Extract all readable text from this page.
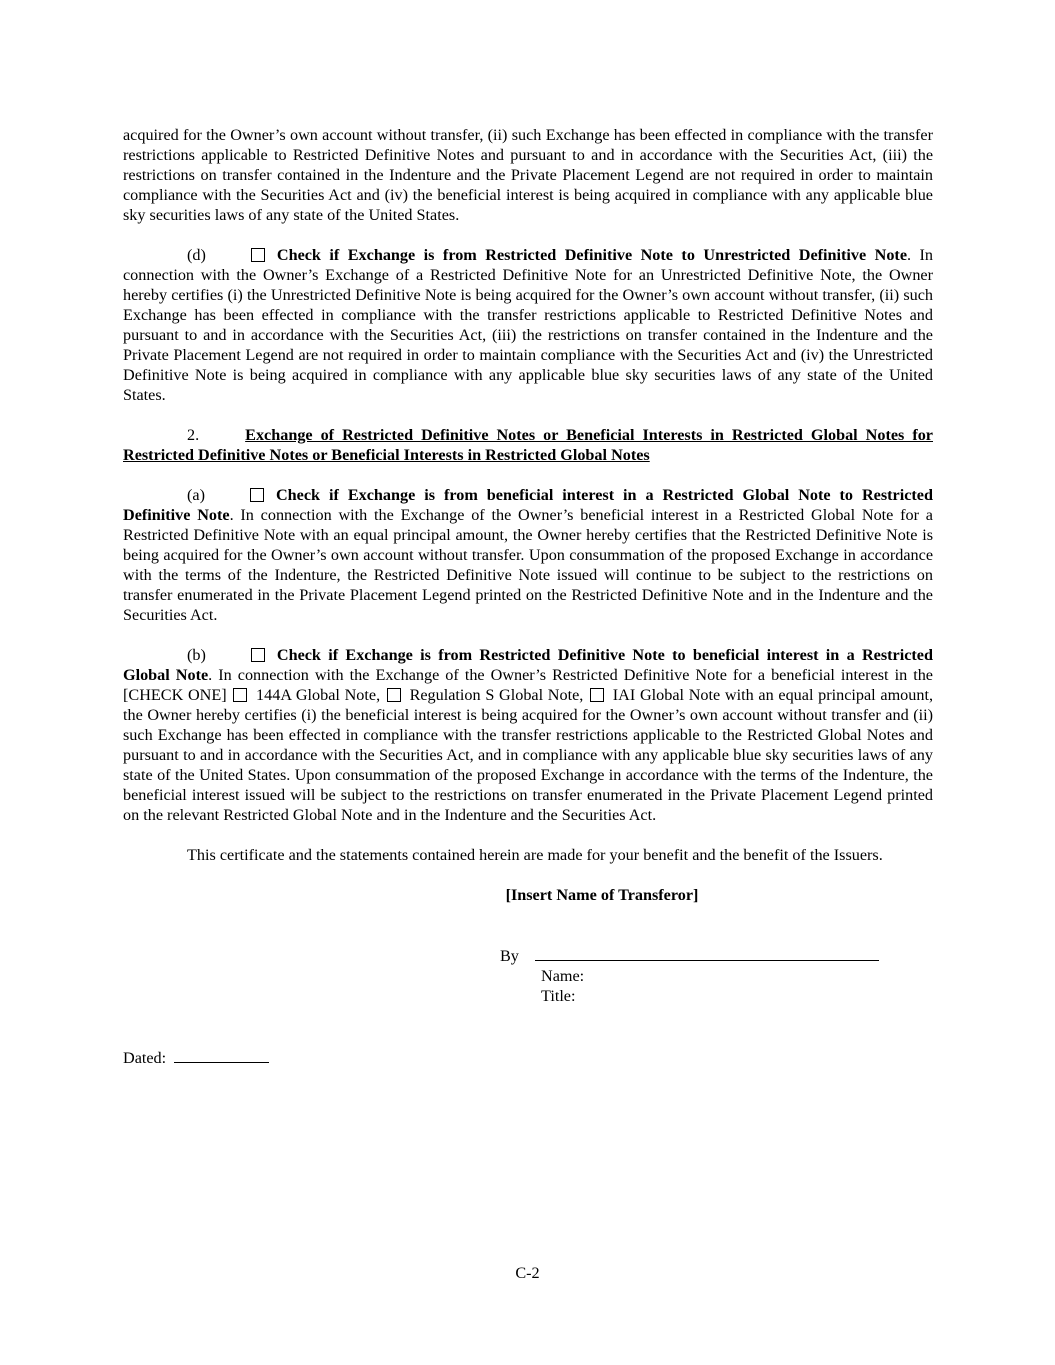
acquired for the Owner’s own account without transfer, (ii) such Exchange has been effected in compliance with the transfer restrictions applicable to Restricted Definitive Notes and pursuant to and in accordance with the Securities Act, (iii) the restrictions on transfer contained in the Indenture and the Private Placement Legend are not required in order to maintain compliance with the Securities Act and (iv) the beneficial interest is being acquired in compliance with any applicable blue sky securities laws of any state of the United States.

(d)	Check if Exchange is from Restricted Definitive Note to Unrestricted Definitive Note. In connection with the Owner’s Exchange of a Restricted Definitive Note for an Unrestricted Definitive Note, the Owner hereby certifies (i) the Unrestricted Definitive Note is being acquired for the Owner’s own account without transfer, (ii) such Exchange has been effected in compliance with the transfer restrictions applicable to Restricted Definitive Notes and pursuant to and in accordance with the Securities Act, (iii) the restrictions on transfer contained in the Indenture and the Private Placement Legend are not required in order to maintain compliance with the Securities Act and (iv) the Unrestricted Definitive Note is being acquired in compliance with any applicable blue sky securities laws of any state of the United States.

2.	Exchange of Restricted Definitive Notes or Beneficial Interests in Restricted Global Notes for Restricted Definitive Notes or Beneficial Interests in Restricted Global Notes

(a)	Check if Exchange is from beneficial interest in a Restricted Global Note to Restricted Definitive Note. In connection with the Exchange of the Owner’s beneficial interest in a Restricted Global Note for a Restricted Definitive Note with an equal principal amount, the Owner hereby certifies that the Restricted Definitive Note is being acquired for the Owner’s own account without transfer. Upon consummation of the proposed Exchange in accordance with the terms of the Indenture, the Restricted Definitive Note issued will continue to be subject to the restrictions on transfer enumerated in the Private Placement Legend printed on the Restricted Definitive Note and in the Indenture and the Securities Act.

(b)	Check if Exchange is from Restricted Definitive Note to beneficial interest in a Restricted Global Note. In connection with the Exchange of the Owner’s Restricted Definitive Note for a beneficial interest in the [CHECK ONE]  144A Global Note,  Regulation S Global Note,  IAI Global Note with an equal principal amount, the Owner hereby certifies (i) the beneficial interest is being acquired for the Owner’s own account without transfer and (ii) such Exchange has been effected in compliance with the transfer restrictions applicable to the Restricted Global Notes and pursuant to and in accordance with the Securities Act, and in compliance with any applicable blue sky securities laws of any state of the United States. Upon consummation of the proposed Exchange in accordance with the terms of the Indenture, the beneficial interest issued will be subject to the restrictions on transfer enumerated in the Private Placement Legend printed on the relevant Restricted Global Note and in the Indenture and the Securities Act.

This certificate and the statements contained herein are made for your benefit and the benefit of the Issuers.

[Insert Name of Transferor]
By
Name:
Title:
Dated:
C-2
